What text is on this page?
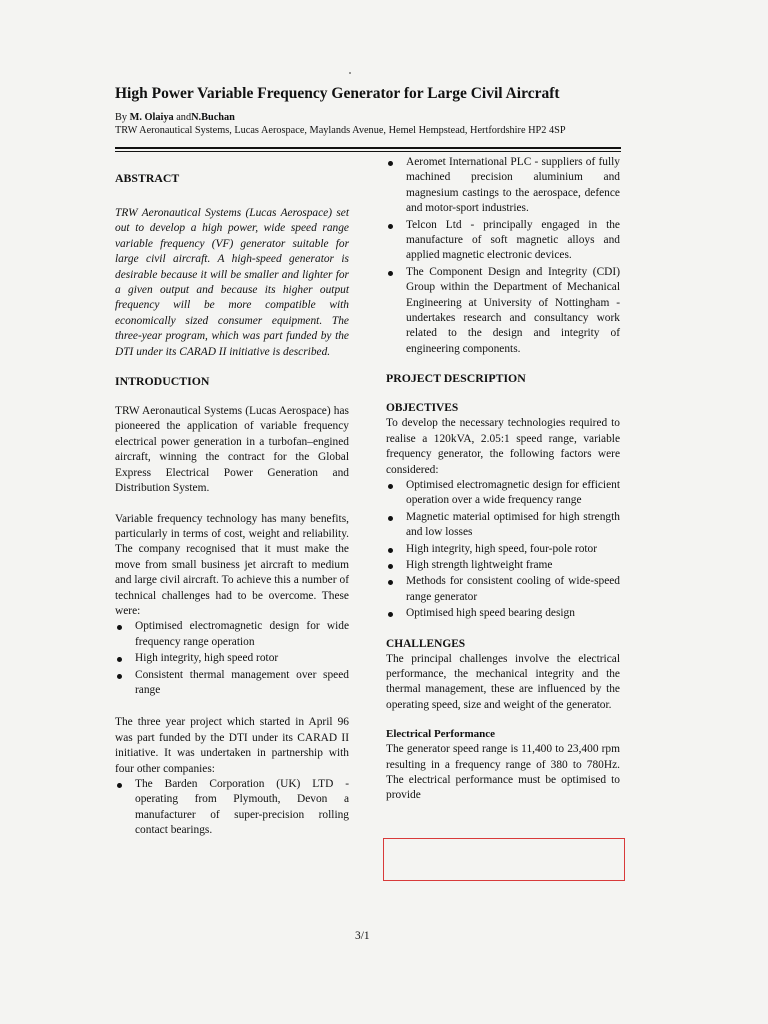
High Power Variable Frequency Generator for Large Civil Aircraft
By M. Olaiya andN.Buchan
TRW Aeronautical Systems, Lucas Aerospace, Maylands Avenue, Hemel Hempstead, Hertfordshire HP2 4SP
ABSTRACT

TRW Aeronautical Systems (Lucas Aerospace) set out to develop a high power, wide speed range variable frequency (VF) generator suitable for large civil aircraft. A high-speed generator is desirable because it will be smaller and lighter for a given output and because its higher output frequency will be more compatible with economically sized consumer equipment. The three-year program, which was part funded by the DTI under its CARAD II initiative is described.

INTRODUCTION

TRW Aeronautical Systems (Lucas Aerospace) has pioneered the application of variable frequency electrical power generation in a turbofan–engined aircraft, winning the contract for the Global Express Electrical Power Generation and Distribution System.

Variable frequency technology has many benefits, particularly in terms of cost, weight and reliability. The company recognised that it must make the move from small business jet aircraft to medium and large civil aircraft. To achieve this a number of technical challenges had to be overcome. These were:

Optimised electromagnetic design for wide frequency range operation
High integrity, high speed rotor
Consistent thermal management over speed range

The three year project which started in April 96 was part funded by the DTI under its CARAD II initiative. It was undertaken in partnership with four other companies:

The Barden Corporation (UK) LTD - operating from Plymouth, Devon a manufacturer of super-precision rolling contact bearings.
Aeromet International PLC - suppliers of fully machined precision aluminium and magnesium castings to the aerospace, defence and motor-sport industries.
Telcon Ltd - principally engaged in the manufacture of soft magnetic alloys and applied magnetic electronic devices.
The Component Design and Integrity (CDI) Group within the Department of Mechanical Engineering at University of Nottingham - undertakes research and consultancy work related to the design and integrity of engineering components.
PROJECT DESCRIPTION
OBJECTIVES

To develop the necessary technologies required to realise a 120kVA, 2.05:1 speed range, variable frequency generator, the following factors were considered:

Optimised electromagnetic design for efficient operation over a wide frequency range
Magnetic material optimised for high strength and low losses
High integrity, high speed, four-pole rotor
High strength lightweight frame
Methods for consistent cooling of wide-speed range generator
Optimised high speed bearing design
CHALLENGES

The principal challenges involve the electrical performance, the mechanical integrity and the thermal management, these are influenced by the operating speed, size and weight of the generator.

Electrical Performance

The generator speed range is 11,400 to 23,400 rpm resulting in a frequency range of 380 to 780Hz. The electrical performance must be optimised to provide

3/1
